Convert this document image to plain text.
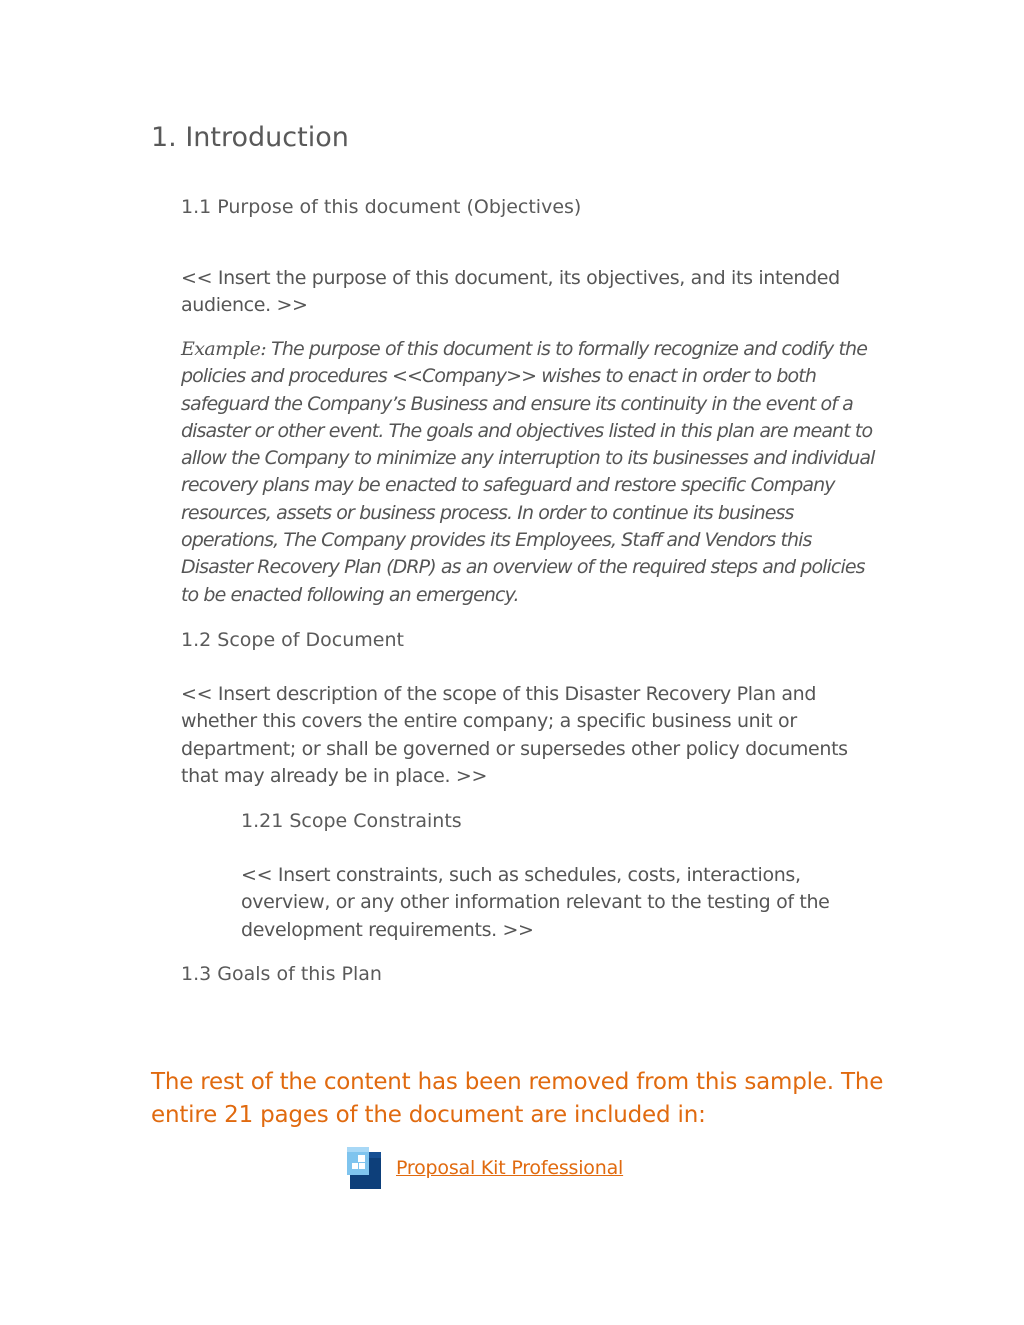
1. Introduction
1.1 Purpose of this document (Objectives)

<< Insert the purpose of this document, its objectives, and its intended audience. >>

Example: The purpose of this document is to formally recognize and codify the policies and procedures <<Company>> wishes to enact in order to both safeguard the Company’s Business and ensure its continuity in the event of a disaster or other event. The goals and objectives listed in this plan are meant to allow the Company to minimize any interruption to its businesses and individual recovery plans may be enacted to safeguard and restore specific Company resources, assets or business process. In order to continue its business operations, The Company provides its Employees, Staff and Vendors this Disaster Recovery Plan (DRP) as an overview of the required steps and policies to be enacted following an emergency.

1.2 Scope of Document

<< Insert description of the scope of this Disaster Recovery Plan and whether this covers the entire company; a specific business unit or department; or shall be governed or supersedes other policy documents that may already be in place. >>

1.21 Scope Constraints

<< Insert constraints, such as schedules, costs, interactions, overview, or any other information relevant to the testing of the development requirements. >>

1.3 Goals of this Plan

The rest of the content has been removed from this sample. The entire 21 pages of the document are included in:

Proposal Kit Professional
